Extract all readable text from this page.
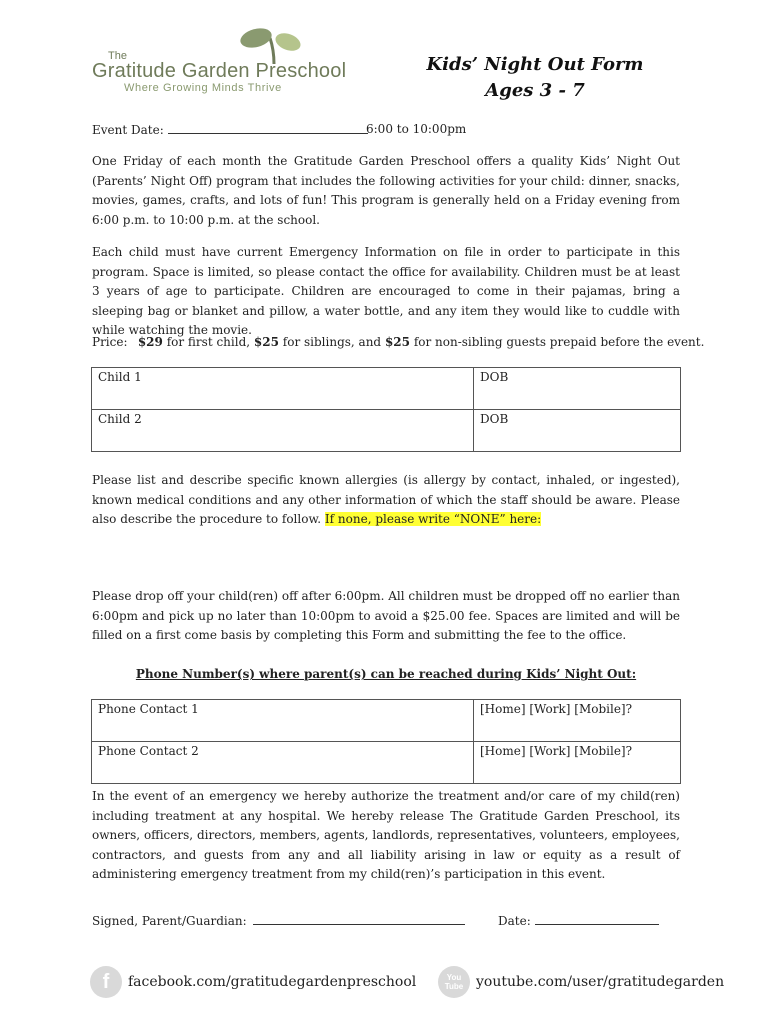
The
Gratitude Garden Preschool
Where Growing Minds Thrive
Kids’ Night Out Form
Ages 3 - 7
Event Date:	6:00 to 10:00pm

One Friday of each month the Gratitude Garden Preschool offers a quality Kids’ Night Out (Parents’ Night Off) program that includes the following activities for your child: dinner, snacks, movies, games, crafts, and lots of fun! This program is generally held on a Friday evening from 6:00 p.m. to 10:00 p.m. at the school.

Each child must have current Emergency Information on file in order to participate in this program. Space is limited, so please contact the office for availability. Children must be at least 3 years of age to participate. Children are encouraged to come in their pajamas, bring a sleeping bag or blanket and pillow, a water bottle, and any item they would like to cuddle with while watching the movie.

Price: $29 for first child, $25 for siblings, and $25 for non-sibling guests prepaid before the event.
Child 1	DOB
Child 2	DOB

Please list and describe specific known allergies (is allergy by contact, inhaled, or ingested), known medical conditions and any other information of which the staff should be aware. Please also describe the procedure to follow. If none, please write “NONE” here:

Please drop off your child(ren) off after 6:00pm. All children must be dropped off no earlier than 6:00pm and pick up no later than 10:00pm to avoid a $25.00 fee. Spaces are limited and will be filled on a first come basis by completing this Form and submitting the fee to the office.

Phone Number(s) where parent(s) can be reached during Kids’ Night Out:
Phone Contact 1	[Home] [Work] [Mobile]?
Phone Contact 2	[Home] [Work] [Mobile]?

In the event of an emergency we hereby authorize the treatment and/or care of my child(ren) including treatment at any hospital. We hereby release The Gratitude Garden Preschool, its owners, officers, directors, members, agents, landlords, representatives, volunteers, employees, contractors, and guests from any and all liability arising in law or equity as a result of administering emergency treatment from my child(ren)’s participation in this event.

Signed, Parent/Guardian:	Date:
f facebook.com/gratitudegardenpreschool	You
Tube youtube.com/user/gratitudegarden
